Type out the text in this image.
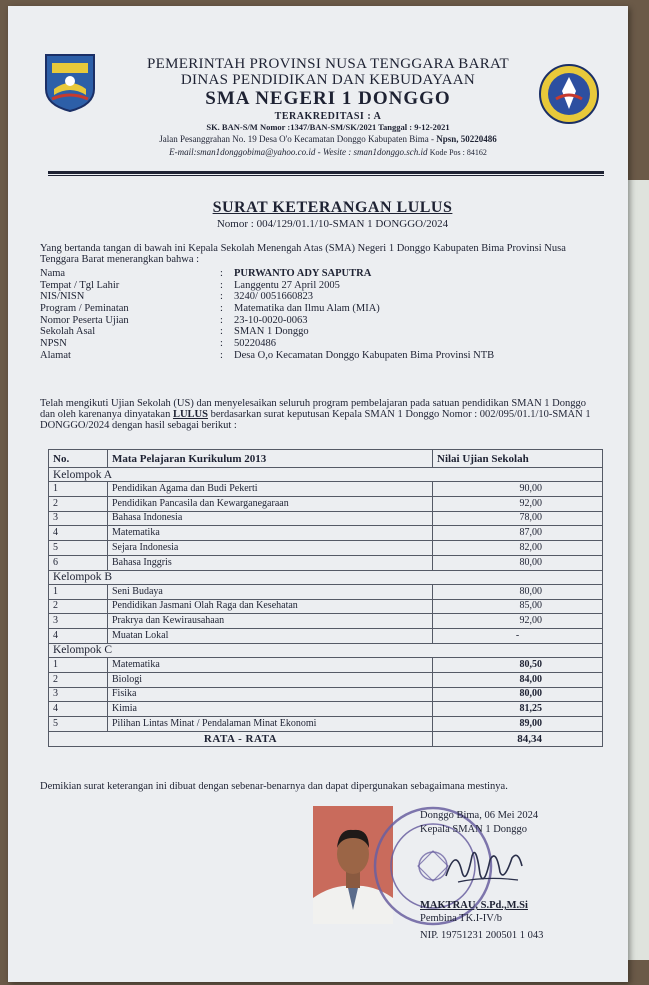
PEMERINTAH PROVINSI NUSA TENGGARA BARAT
DINAS PENDIDIKAN DAN KEBUDAYAAN
SMA NEGERI 1 DONGGO
TERAKREDITASI : A
SK. BAN-S/M Nomor :1347/BAN-SM/SK/2021 Tanggal : 9-12-2021
Jalan Pesanggrahan No. 19 Desa O'o Kecamatan Donggo Kabupaten Bima - Npsn, 50220486
E-mail:sman1donggobima@yahoo.co.id - Wesite : sman1donggo.sch.id Kode Pos : 84162
SURAT KETERANGAN LULUS
Nomor : 004/129/01.1/10-SMAN 1 DONGGO/2024
Yang bertanda tangan di bawah ini Kepala Sekolah Menengah Atas (SMA) Negeri 1 Donggo Kabupaten Bima Provinsi Nusa Tenggara Barat menerangkan bahwa :
Nama	: PURWANTO ADY SAPUTRA
Tempat / Tgl Lahir	: Langgentu 27 April 2005
NIS/NISN	: 3240/ 0051660823
Program / Peminatan	: Matematika dan Ilmu Alam (MIA)
Nomor Peserta Ujian	: 23-10-0020-0063
Sekolah Asal	: SMAN 1 Donggo
NPSN	: 50220486
Alamat	: Desa O,o Kecamatan Donggo Kabupaten Bima Provinsi NTB
Telah mengikuti Ujian Sekolah (US) dan menyelesaikan seluruh program pembelajaran pada satuan pendidikan SMAN 1 Donggo dan oleh karenanya dinyatakan LULUS berdasarkan surat keputusan Kepala SMAN 1 Donggo Nomor : 002/095/01.1/10-SMAN 1 DONGGO/2024 dengan hasil sebagai berikut :
No.	Mata Pelajaran Kurikulum 2013	Nilai Ujian Sekolah
Kelompok A		
1	Pendidikan Agama dan Budi Pekerti	90,00
2	Pendidikan Pancasila dan Kewarganegaraan	92,00
3	Bahasa Indonesia	78,00
4	Matematika	87,00
5	Sejara Indonesia	82,00
6	Bahasa Inggris	80,00
Kelompok B		
1	Seni Budaya	80,00
2	Pendidikan Jasmani Olah Raga dan Kesehatan	85,00
3	Prakrya dan Kewirausahaan	92,00
4	Muatan Lokal	-
Kelompok C		
1	Matematika	80,50
2	Biologi	84,00
3	Fisika	80,00
4	Kimia	81,25
5	Pilihan Lintas Minat / Pendalaman Minat Ekonomi	89,00
RATA - RATA		84,34
Demikian surat keterangan ini dibuat dengan sebenar-benarnya dan dapat dipergunakan sebagaimana mestinya.
Donggo Bima, 06 Mei 2024
Kepala SMAN 1 Donggo
MAKTRAU, S.Pd.,M.Si
Pembina TK.I-IV/b
NIP. 19751231 200501 1 043
